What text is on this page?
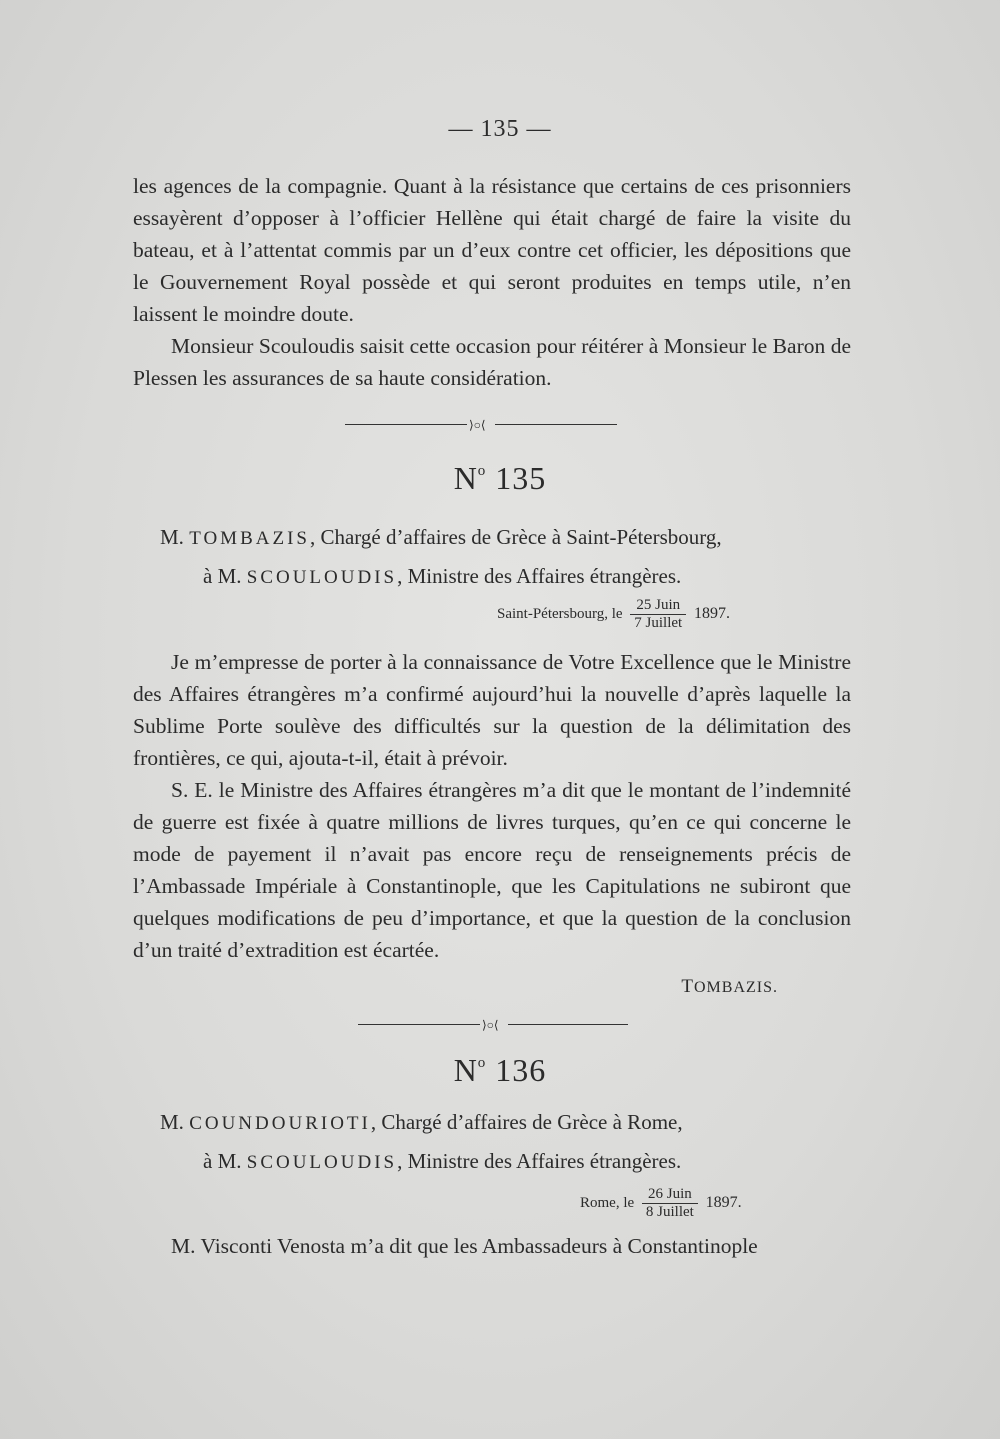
— 135 —

les agences de la compagnie. Quant à la résistance que certains de ces prisonniers essayèrent d’opposer à l’officier Hellène qui était chargé de faire la visite du bateau, et à l’attentat commis par un d’eux contre cet officier, les dépositions que le Gouvernement Royal possède et qui seront produites en temps utile, n’en laissent le moindre doute.

Monsieur Scouloudis saisit cette occasion pour réitérer à Monsieur le Baron de Plessen les assurances de sa haute considération.

⟩○⟨
$N^o$ 135
M. TOMBAZIS, Chargé d’affaires de Grèce à Saint-Pétersbourg,
à M. SCOULOUDIS, Ministre des Affaires étrangères.
Saint-Pétersbourg, le $\frac{\text{25 Juin}}{\text{7 Juillet}} 1897$.

Je m’empresse de porter à la connaissance de Votre Excellence que le Ministre des Affaires étrangères m’a confirmé aujourd’hui la nouvelle d’après laquelle la Sublime Porte soulève des difficultés sur la question de la délimitation des frontières, ce qui, ajouta-t-il, était à prévoir.

S. E. le Ministre des Affaires étrangères m’a dit que le montant de l’indemnité de guerre est fixée à quatre millions de livres turques, qu’en ce qui concerne le mode de payement il n’avait pas encore reçu de renseignements précis de l’Ambassade Impériale à Constantinople, que les Capitulations ne subiront que quelques modifications de peu d’importance, et que la question de la conclusion d’un traité d’extradition est écartée.

TOMBAZIS.
⟩○⟨
$N^o$ 136
M. COUNDOURIOTI, Chargé d’affaires de Grèce à Rome,
à M. SCOULOUDIS, Ministre des Affaires étrangères.
Rome, le $\frac{\text{26 Juin}}{\text{8 Juillet}} 1897$.

M. Visconti Venosta m’a dit que les Ambassadeurs à Constantinople
